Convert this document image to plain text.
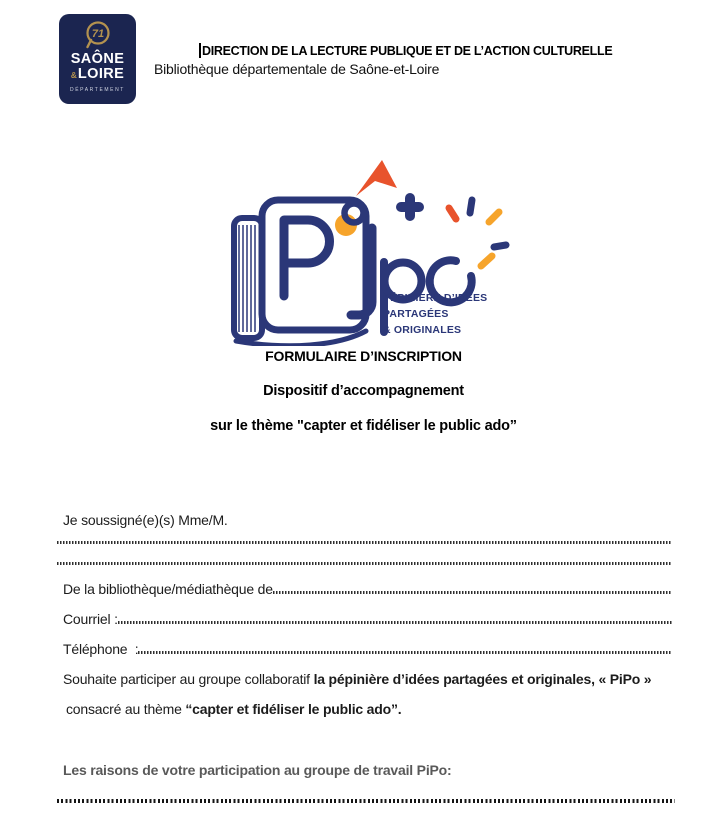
71
SAÔNE
& LOIRE
DÉPARTEMENT
DIRECTION DE LA LECTURE PUBLIQUE ET DE L’ACTION CULTURELLE
Bibliothèque départementale de Saône-et-Loire
PÉPINIERE D’IDÉES
PARTAGÉES
& ORIGINALES
FORMULAIRE D’INSCRIPTION
Dispositif d’accompagnement
sur le thème "capter et fidéliser le public ado”
Je soussigné(e)(s) Mme/M.
De la bibliothèque/médiathèque de
Courriel :
Téléphone  :
Souhaite participer au groupe collaboratif la pépinière d’idées partagées et originales, « PiPo »
consacré au thème “capter et fidéliser le public ado”.
Les raisons de votre participation au groupe de travail PiPo:
